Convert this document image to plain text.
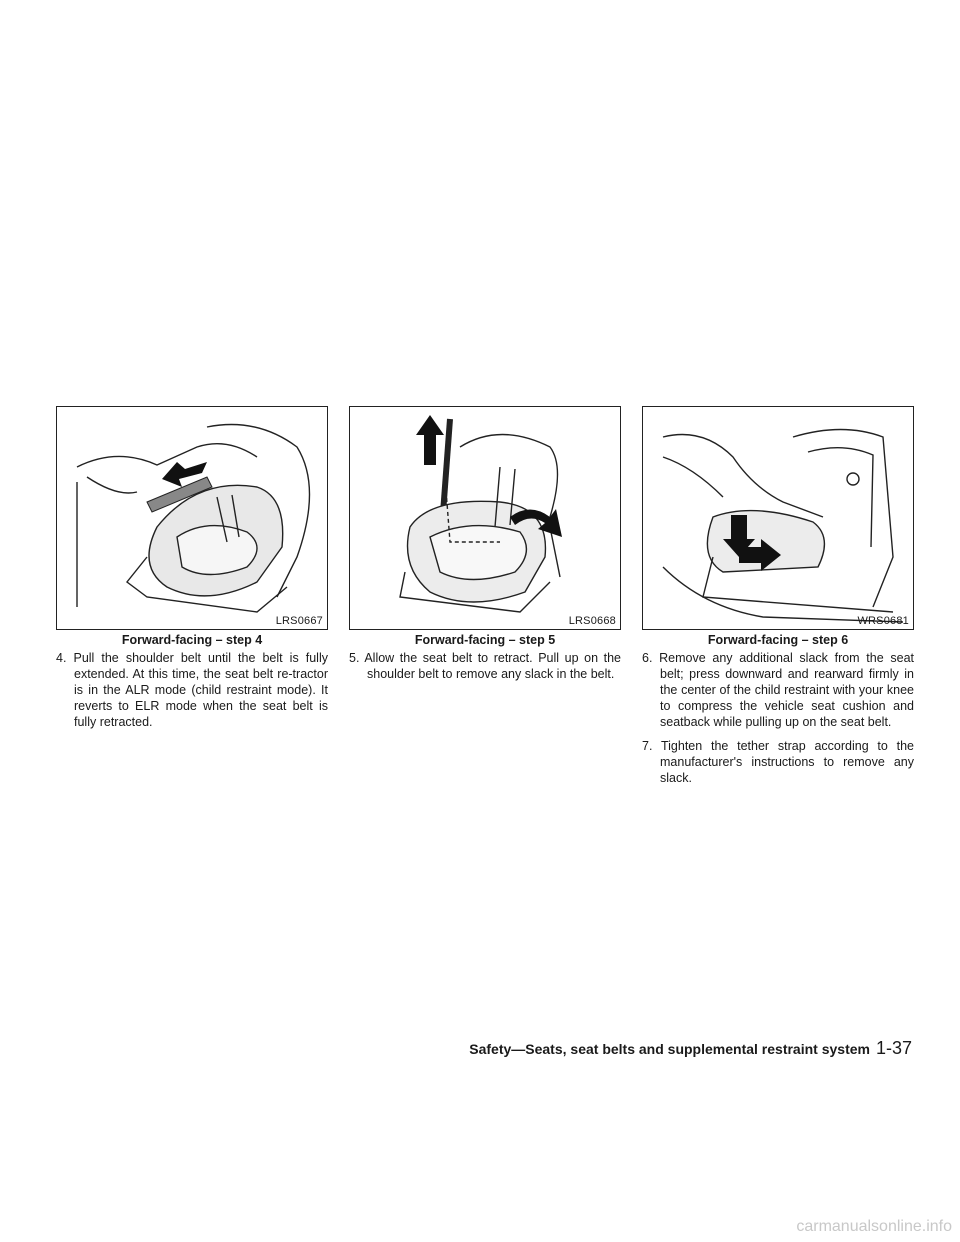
LRS0667
Forward-facing – step 4

4. Pull the shoulder belt until the belt is fully extended. At this time, the seat belt re-tractor is in the ALR mode (child restraint mode). It reverts to ELR mode when the seat belt is fully retracted.

LRS0668
Forward-facing – step 5

5. Allow the seat belt to retract. Pull up on the shoulder belt to remove any slack in the belt.

WRS0681
Forward-facing – step 6

6. Remove any additional slack from the seat belt; press downward and rearward firmly in the center of the child restraint with your knee to compress the vehicle seat cushion and seatback while pulling up on the seat belt.

7. Tighten the tether strap according to the manufacturer's instructions to remove any slack.

Safety—Seats, seat belts and supplemental restraint system 1-37
carmanualsonline.info
